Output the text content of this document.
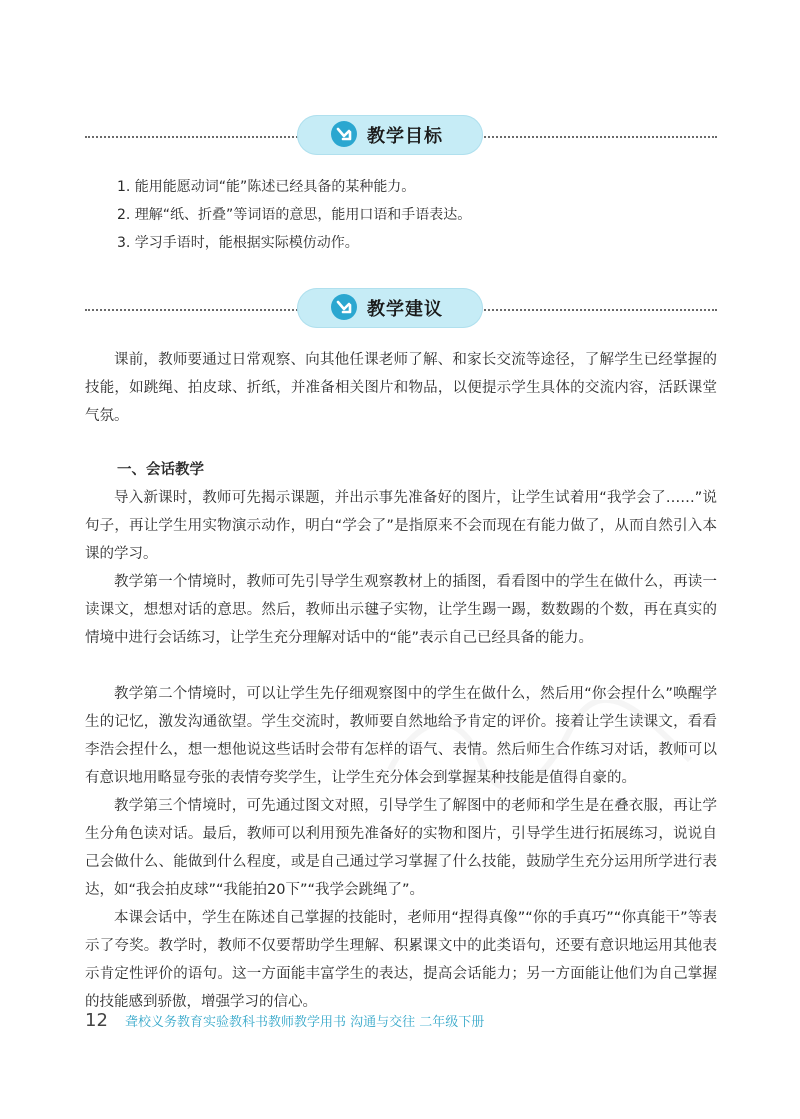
教学目标
1. 能用能愿动词“能”陈述已经具备的某种能力。
2. 理解“纸、折叠”等词语的意思，能用口语和手语表达。
3. 学习手语时，能根据实际模仿动作。
教学建议
课前，教师要通过日常观察、向其他任课老师了解、和家长交流等途径，了解学生已经掌握的技能，如跳绳、拍皮球、折纸，并准备相关图片和物品，以便提示学生具体的交流内容，活跃课堂气氛。
一、会话教学
导入新课时，教师可先揭示课题，并出示事先准备好的图片，让学生试着用“我学会了……”说句子，再让学生用实物演示动作，明白“学会了”是指原来不会而现在有能力做了，从而自然引入本课的学习。
教学第一个情境时，教师可先引导学生观察教材上的插图，看看图中的学生在做什么，再读一读课文，想想对话的意思。然后，教师出示毽子实物，让学生踢一踢，数数踢的个数，再在真实的情境中进行会话练习，让学生充分理解对话中的“能”表示自己已经具备的能力。
教学第二个情境时，可以让学生先仔细观察图中的学生在做什么，然后用“你会捏什么”唤醒学生的记忆，激发沟通欲望。学生交流时，教师要自然地给予肯定的评价。接着让学生读课文，看看李浩会捏什么，想一想他说这些话时会带有怎样的语气、表情。然后师生合作练习对话，教师可以有意识地用略显夸张的表情夸奖学生，让学生充分体会到掌握某种技能是值得自豪的。
教学第三个情境时，可先通过图文对照，引导学生了解图中的老师和学生是在叠衣服，再让学生分角色读对话。最后，教师可以利用预先准备好的实物和图片，引导学生进行拓展练习，说说自己会做什么、能做到什么程度，或是自己通过学习掌握了什么技能，鼓励学生充分运用所学进行表达，如“我会拍皮球”“我能拍20下”“我学会跳绳了”。
本课会话中，学生在陈述自己掌握的技能时，老师用“捏得真像”“你的手真巧”“你真能干”等表示了夸奖。教学时，教师不仅要帮助学生理解、积累课文中的此类语句，还要有意识地运用其他表示肯定性评价的语句。这一方面能丰富学生的表达，提高会话能力；另一方面能让他们为自己掌握的技能感到骄傲，增强学习的信心。
12 聋校义务教育实验教科书教师教学用书 沟通与交往 二年级下册
